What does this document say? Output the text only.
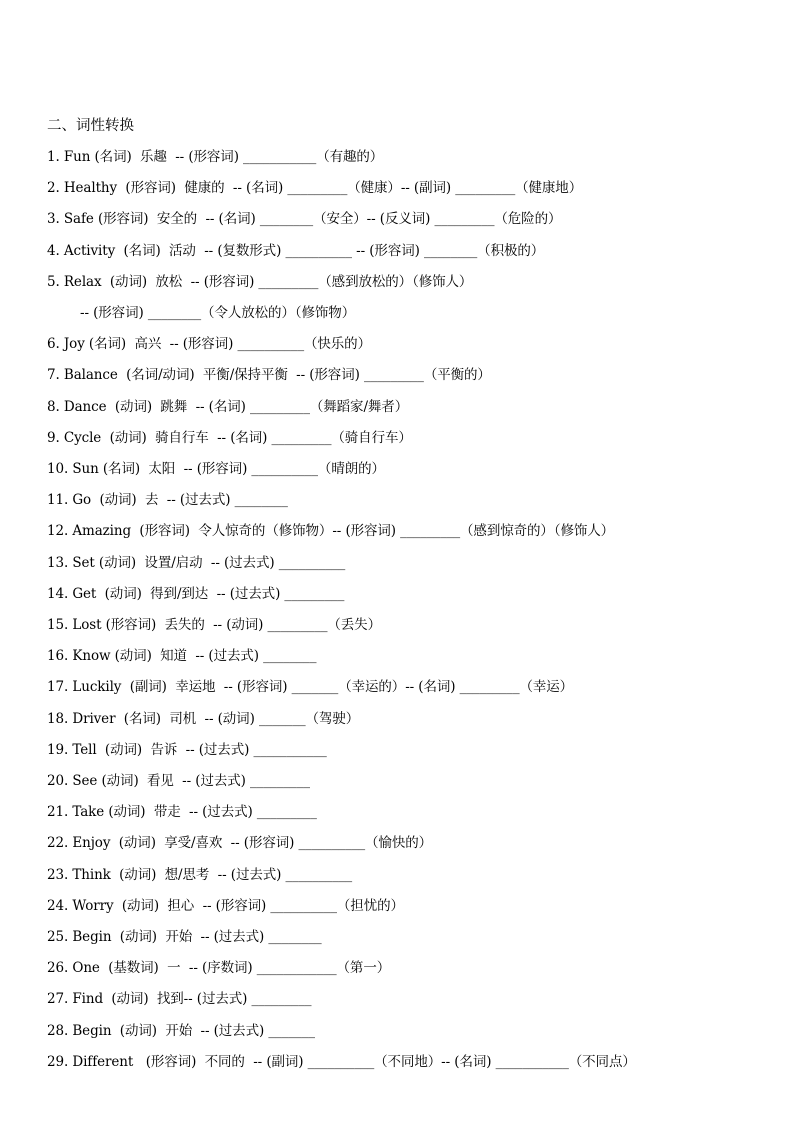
二、词性转换
1. Fun (名词)  乐趣  -- (形容词) ___________（有趣的）
2. Healthy  (形容词)  健康的  -- (名词) _________（健康）-- (副词) _________（健康地）
3. Safe (形容词)  安全的  -- (名词) ________（安全）-- (反义词) _________（危险的）
4. Activity  (名词)  活动  -- (复数形式) __________ -- (形容词) ________（积极的）
5. Relax  (动词)  放松  -- (形容词) _________（感到放松的）（修饰人）
-- (形容词) ________（令人放松的）（修饰物）
6. Joy (名词)  高兴  -- (形容词) __________（快乐的）
7. Balance  (名词/动词)  平衡/保持平衡  -- (形容词) _________（平衡的）
8. Dance  (动词)  跳舞  -- (名词) _________（舞蹈家/舞者）
9. Cycle  (动词)  骑自行车  -- (名词) _________（骑自行车）
10. Sun (名词)  太阳  -- (形容词) __________（晴朗的）
11. Go  (动词)  去  -- (过去式) ________
12. Amazing  (形容词)  令人惊奇的（修饰物）-- (形容词) _________（感到惊奇的）（修饰人）
13. Set (动词)  设置/启动  -- (过去式) __________
14. Get  (动词)  得到/到达  -- (过去式) _________
15. Lost (形容词)  丢失的  -- (动词) _________（丢失）
16. Know (动词)  知道  -- (过去式) ________
17. Luckily  (副词)  幸运地  -- (形容词) _______（幸运的）-- (名词) _________（幸运）
18. Driver  (名词)  司机  -- (动词) _______（驾驶）
19. Tell  (动词)  告诉  -- (过去式) ___________
20. See (动词)  看见  -- (过去式) _________
21. Take (动词)  带走  -- (过去式) _________
22. Enjoy  (动词)  享受/喜欢  -- (形容词) __________（愉快的）
23. Think  (动词)  想/思考  -- (过去式) __________
24. Worry  (动词)  担心  -- (形容词) __________（担忧的）
25. Begin  (动词)  开始  -- (过去式) ________
26. One  (基数词)  一  -- (序数词) ____________（第一）
27. Find  (动词)  找到-- (过去式) _________
28. Begin  (动词)  开始  -- (过去式) _______
29. Different   (形容词)  不同的  -- (副词) __________（不同地）-- (名词) ___________（不同点）
